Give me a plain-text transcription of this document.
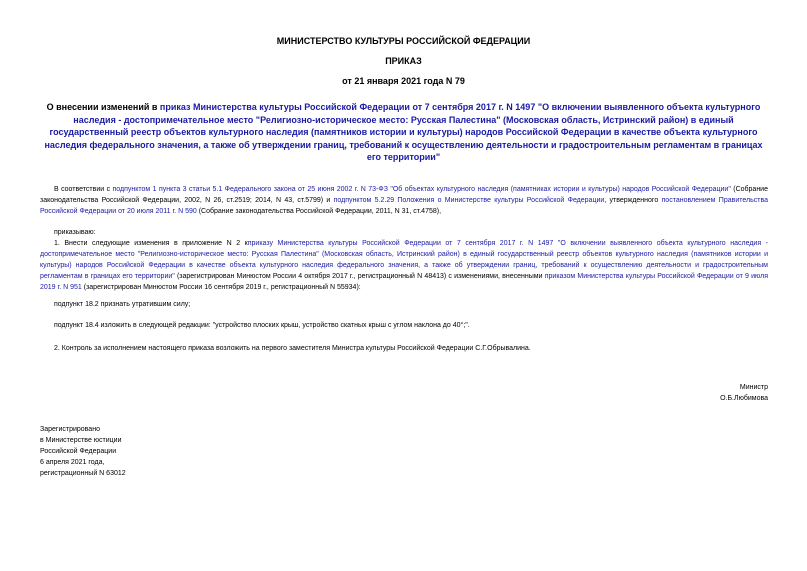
МИНИСТЕРСТВО КУЛЬТУРЫ РОССИЙСКОЙ ФЕДЕРАЦИИ
ПРИКАЗ
от 21 января 2021 года N 79
О внесении изменений в приказ Министерства культуры Российской Федерации от 7 сентября 2017 г. N 1497 "О включении выявленного объекта культурного наследия - достопримечательное место "Религиозно-историческое место: Русская Палестина" (Московская область, Истринский район) в единый государственный реестр объектов культурного наследия (памятников истории и культуры) народов Российской Федерации в качестве объекта культурного наследия федерального значения, а также об утверждении границ, требований к осуществлению деятельности и градостроительным регламентам в границах его территории"
В соответствии с подпунктом 1 пункта 3 статьи 5.1 Федерального закона от 25 июня 2002 г. N 73-ФЗ "Об объектах культурного наследия (памятниках истории и культуры) народов Российской Федерации" (Собрание законодательства Российской Федерации, 2002, N 26, ст.2519; 2014, N 43, ст.5799) и подпунктом 5.2.29 Положения о Министерстве культуры Российской Федерации, утвержденного постановлением Правительства Российской Федерации от 20 июля 2011 г. N 590 (Собрание законодательства Российской Федерации, 2011, N 31, ст.4758),
приказываю:
1. Внести следующие изменения в приложение N 2 кприказу Министерства культуры Российской Федерации от 7 сентября 2017 г. N 1497 "О включении выявленного объекта культурного наследия - достопримечательное место "Религиозно-историческое место: Русская Палестина" (Московская область, Истринский район) в единый государственный реестр объектов культурного наследия (памятников истории и культуры) народов Российской Федерации в качестве объекта культурного наследия федерального значения, а также об утверждении границ, требований к осуществлению деятельности и градостроительным регламентам в границах его территории" (зарегистрирован Минюстом России 4 октября 2017 г., регистрационный N 48413) с изменениями, внесенными приказом Министерства культуры Российской Федерации от 9 июля 2019 г. N 951 (зарегистрирован Минюстом России 16 сентября 2019 г., регистрационный N 55934):
подпункт 18.2 признать утратившим силу;
подпункт 18.4 изложить в следующей редакции: "устройство плоских крыш, устройство скатных крыш с углом наклона до 40°;".
2. Контроль за исполнением настоящего приказа возложить на первого заместителя Министра культуры Российской Федерации С.Г.Обрывалина.
Министр
О.Б.Любимова
Зарегистрировано
в Министерстве юстиции
Российской Федерации
6 апреля 2021 года,
регистрационный N 63012
